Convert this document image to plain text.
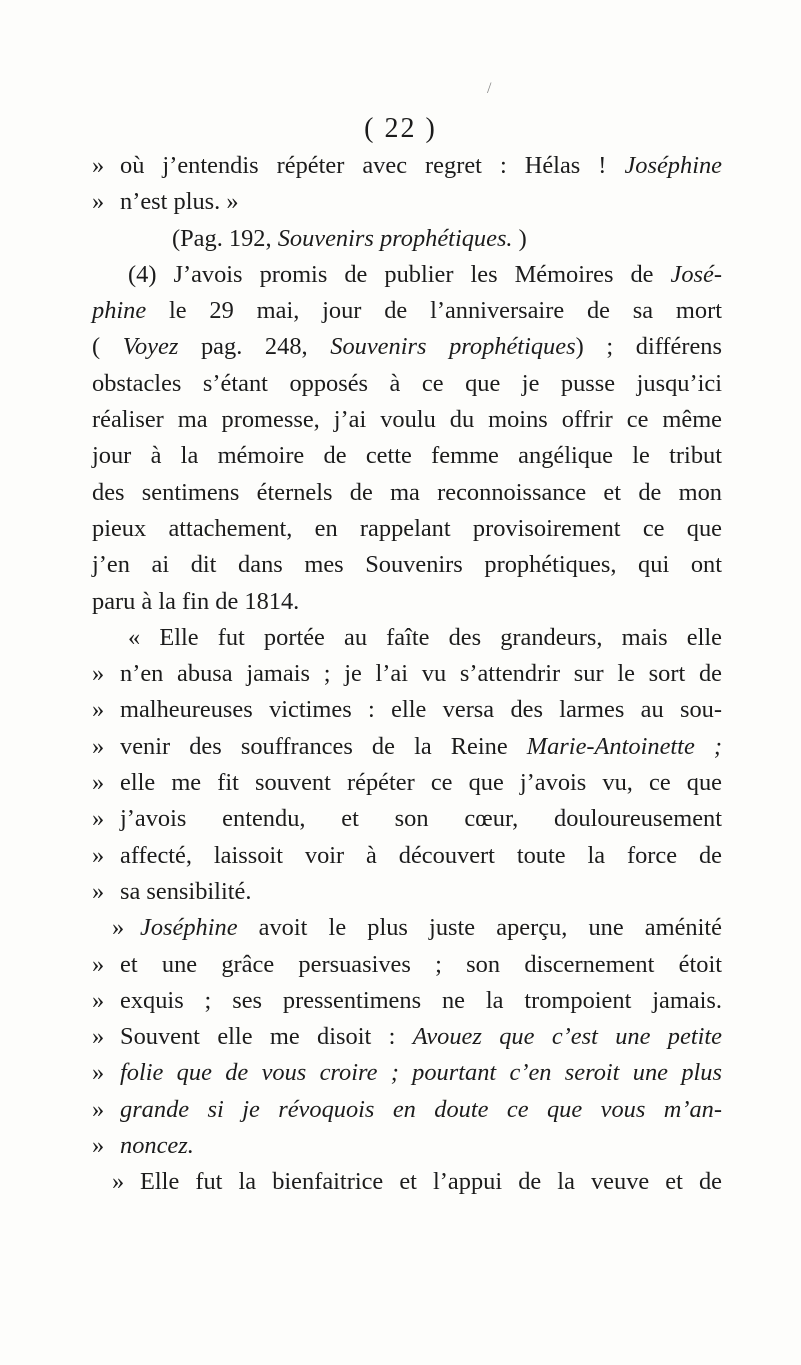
/
( 22 )
» où j’entendis répéter avec regret : Hélas ! Joséphine
» n’est plus. »
(Pag. 192, Souvenirs prophétiques. )
(4) J’avois promis de publier les Mémoires de José-
phine le 29 mai, jour de l’anniversaire de sa mort
( Voyez pag. 248, Souvenirs prophétiques) ; différens
obstacles s’étant opposés à ce que je pusse jusqu’ici
réaliser ma promesse, j’ai voulu du moins offrir ce même
jour à la mémoire de cette femme angélique le tribut
des sentimens éternels de ma reconnoissance et de mon
pieux attachement, en rappelant provisoirement ce que
j’en ai dit dans mes Souvenirs prophétiques, qui ont
paru à la fin de 1814.
« Elle fut portée au faîte des grandeurs, mais elle
» n’en abusa jamais ; je l’ai vu s’attendrir sur le sort de
» malheureuses victimes : elle versa des larmes au sou-
» venir des souffrances de la Reine Marie-Antoinette ;
» elle me fit souvent répéter ce que j’avois vu, ce que
» j’avois entendu, et son cœur, douloureusement
» affecté, laissoit voir à découvert toute la force de
» sa sensibilité.
» Joséphine avoit le plus juste aperçu, une aménité
» et une grâce persuasives ; son discernement étoit
» exquis ; ses pressentimens ne la trompoient jamais.
» Souvent elle me disoit : Avouez que c’est une petite
» folie que de vous croire ; pourtant c’en seroit une plus
» grande si je révoquois en doute ce que vous m’an-
» noncez.
» Elle fut la bienfaitrice et l’appui de la veuve et de
